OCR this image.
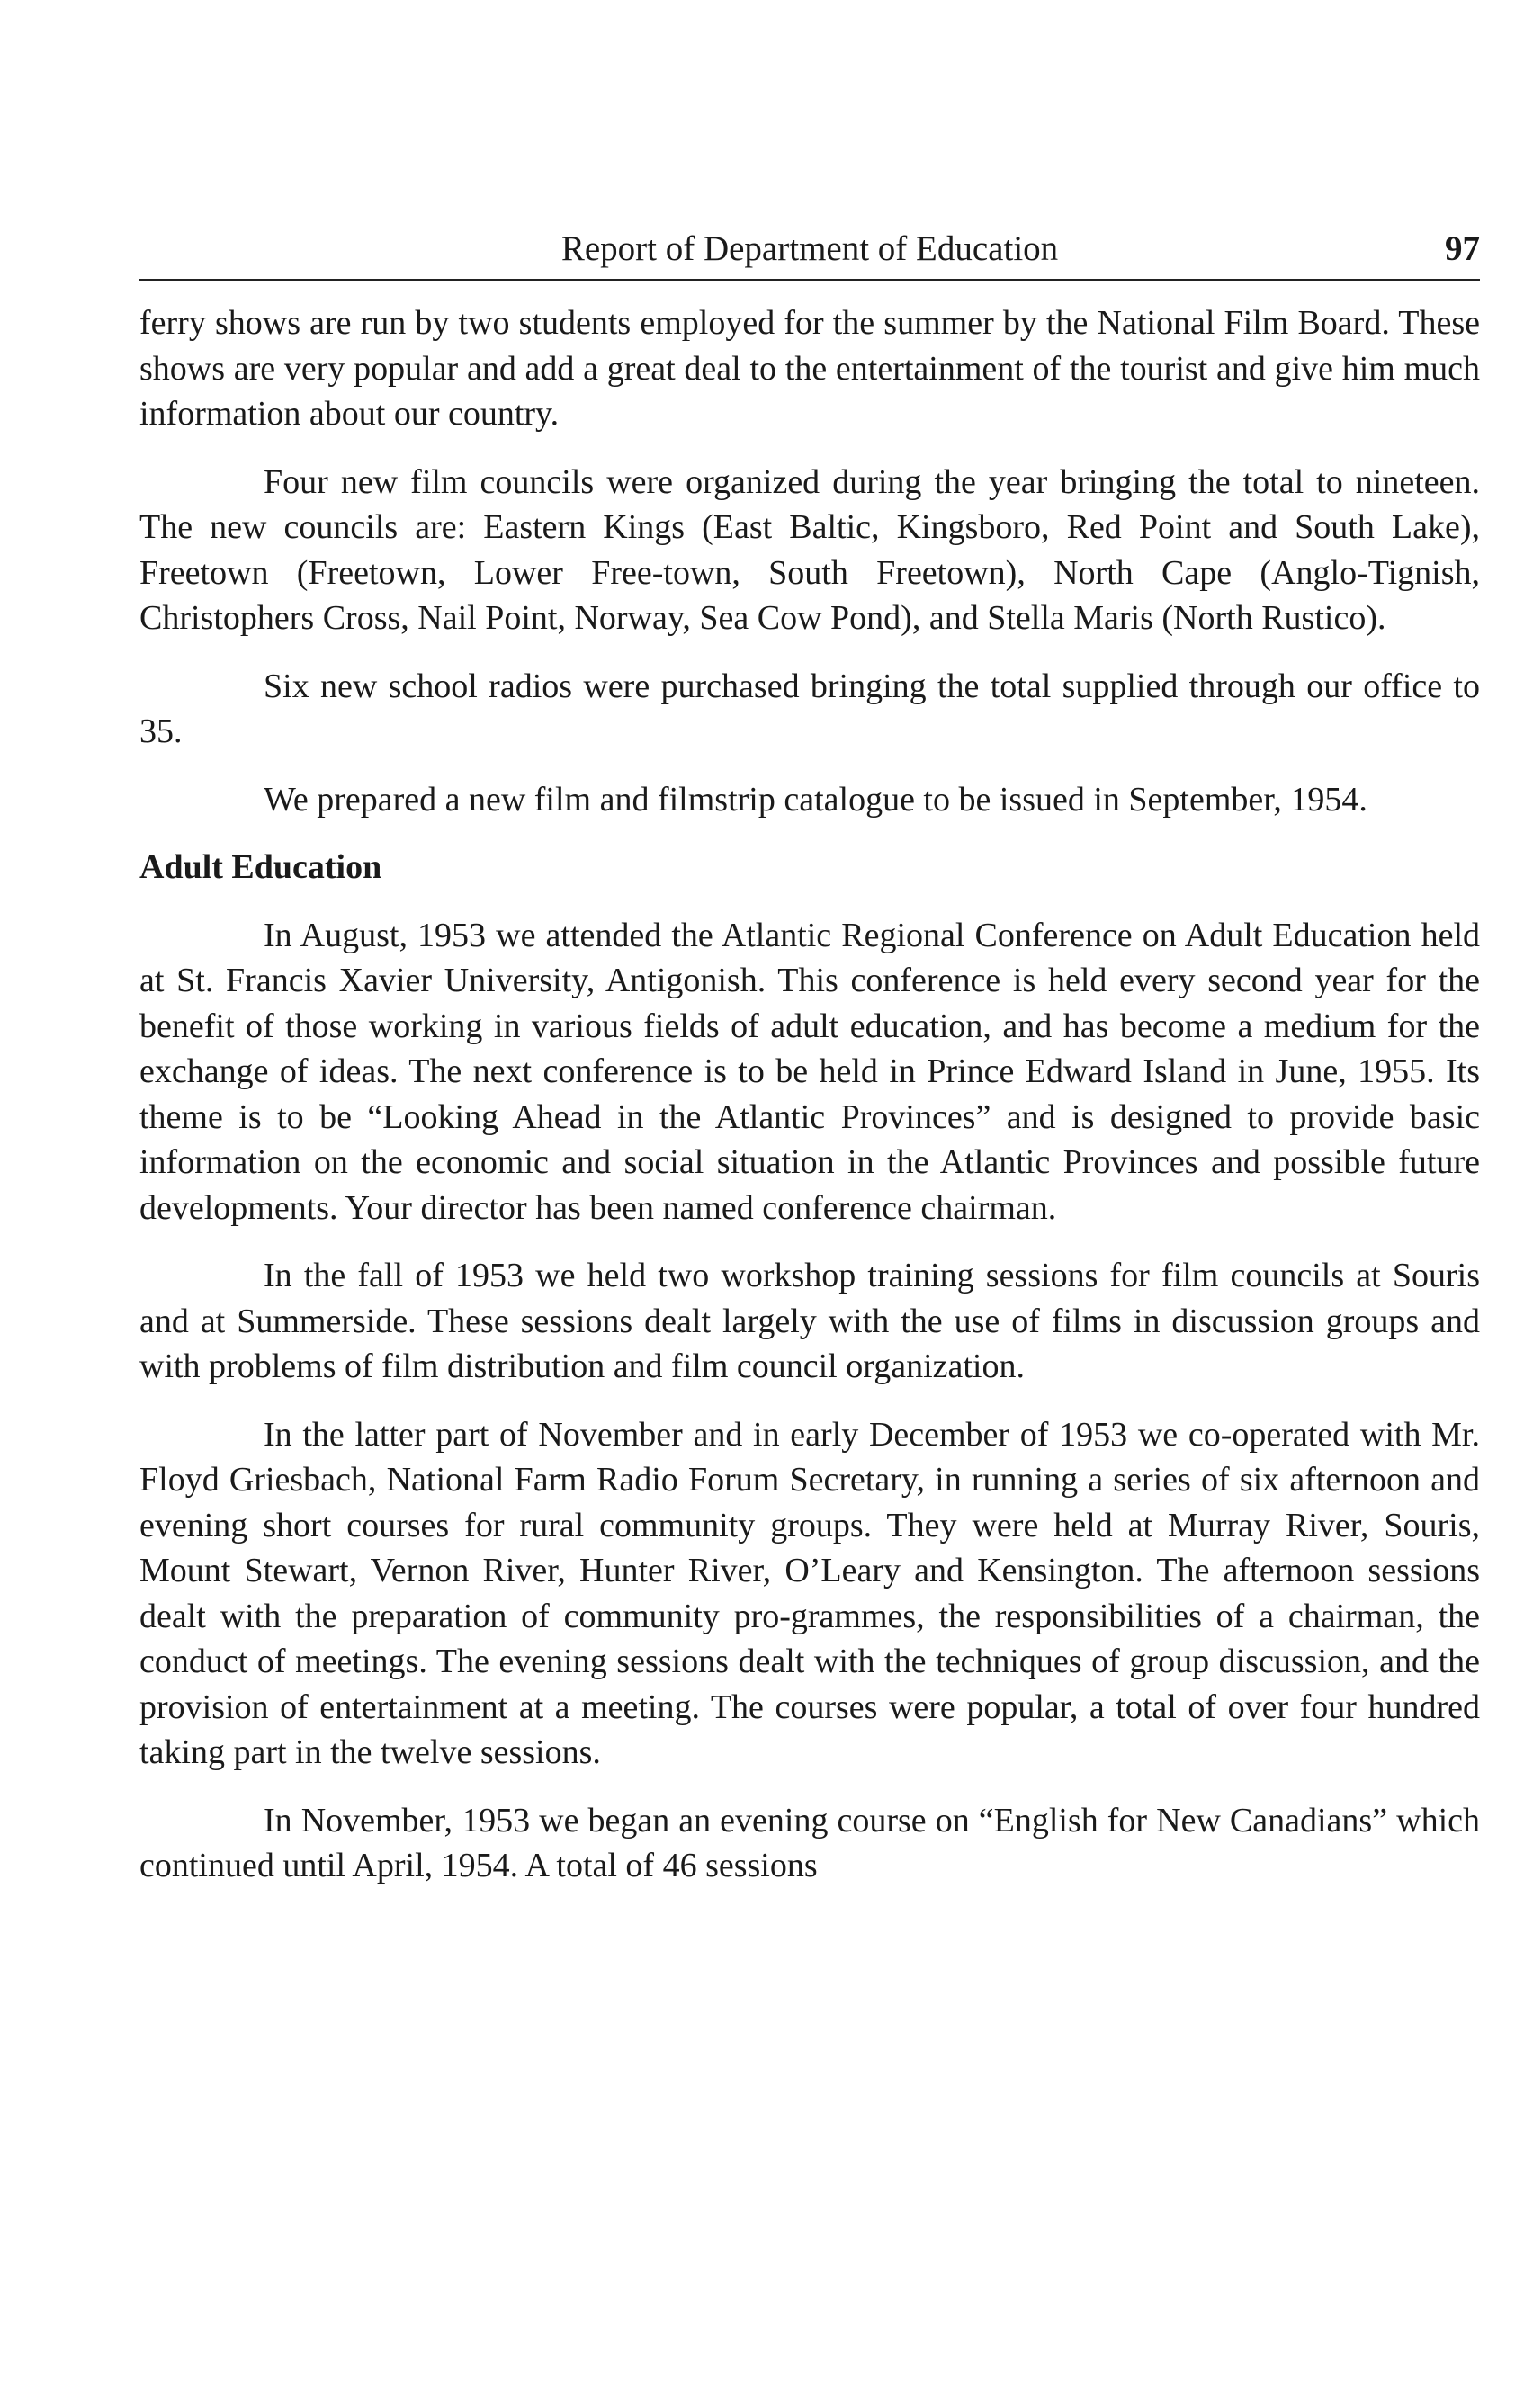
Report of Department of Education	97

ferry shows are run by two students employed for the summer by the National Film Board. These shows are very popular and add a great deal to the entertainment of the tourist and give him much information about our country.

Four new film councils were organized during the year bringing the total to nineteen. The new councils are: Eastern Kings (East Baltic, Kingsboro, Red Point and South Lake), Freetown (Freetown, Lower Free-town, South Freetown), North Cape (Anglo-Tignish, Christophers Cross, Nail Point, Norway, Sea Cow Pond), and Stella Maris (North Rustico).

Six new school radios were purchased bringing the total supplied through our office to 35.

We prepared a new film and filmstrip catalogue to be issued in September, 1954.

Adult Education

In August, 1953 we attended the Atlantic Regional Conference on Adult Education held at St. Francis Xavier University, Antigonish. This conference is held every second year for the benefit of those working in various fields of adult education, and has become a medium for the exchange of ideas. The next conference is to be held in Prince Edward Island in June, 1955. Its theme is to be “Looking Ahead in the Atlantic Provinces” and is designed to provide basic information on the economic and social situation in the Atlantic Provinces and possible future developments. Your director has been named conference chairman.

In the fall of 1953 we held two workshop training sessions for film councils at Souris and at Summerside. These sessions dealt largely with the use of films in discussion groups and with problems of film distribution and film council organization.

In the latter part of November and in early December of 1953 we co-operated with Mr. Floyd Griesbach, National Farm Radio Forum Secretary, in running a series of six afternoon and evening short courses for rural community groups. They were held at Murray River, Souris, Mount Stewart, Vernon River, Hunter River, O’Leary and Kensington. The afternoon sessions dealt with the preparation of community pro-grammes, the responsibilities of a chairman, the conduct of meetings. The evening sessions dealt with the techniques of group discussion, and the provision of entertainment at a meeting. The courses were popular, a total of over four hundred taking part in the twelve sessions.

In November, 1953 we began an evening course on “English for New Canadians” which continued until April, 1954. A total of 46 sessions
